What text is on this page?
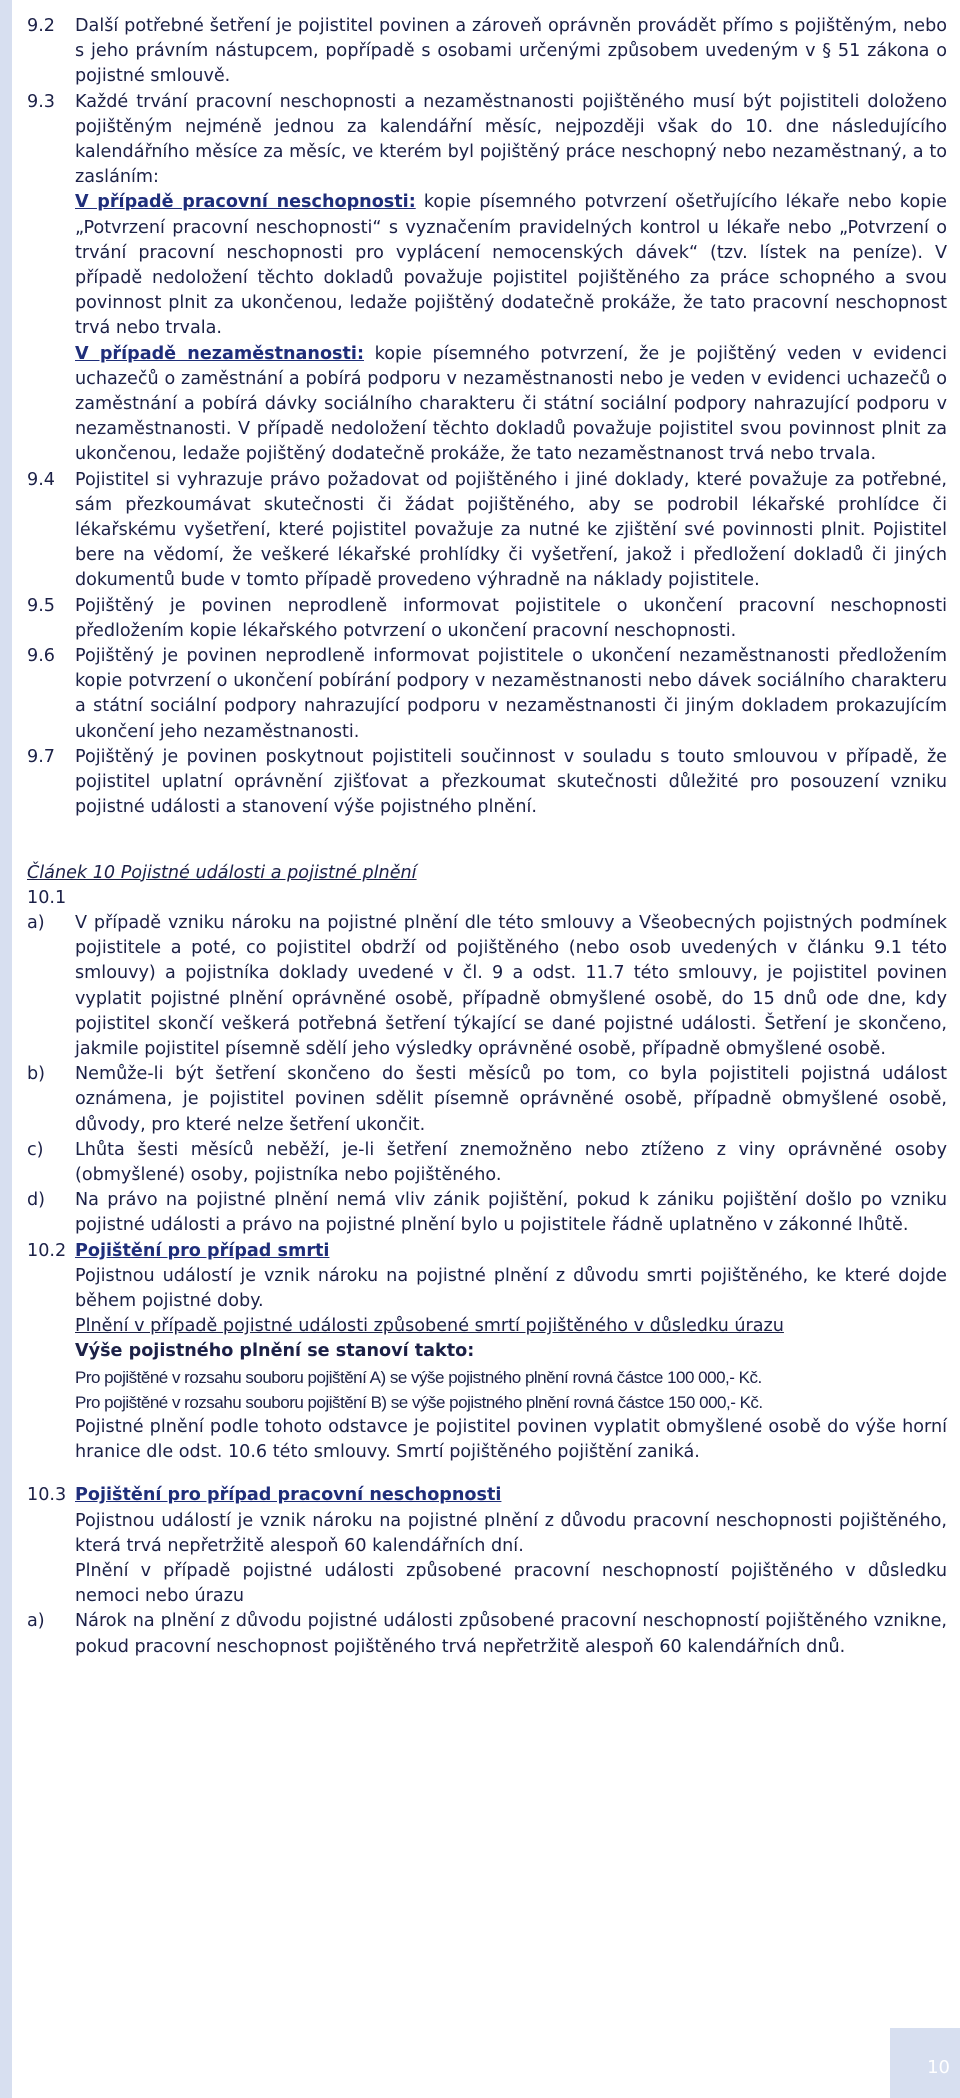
9.2	Další potřebné šetření je pojistitel povinen a zároveň oprávněn provádět přímo s pojištěným, nebo s jeho právním nástupcem, popřípadě s osobami určenými způsobem uvedeným v § 51 zákona o pojistné smlouvě.

9.3	Každé trvání pracovní neschopnosti a nezaměstnanosti pojištěného musí být pojistiteli doloženo pojištěným nejméně jednou za kalendářní měsíc, nejpozději však do 10. dne následujícího kalendářního měsíce za měsíc, ve kterém byl pojištěný práce neschopný nebo nezaměstnaný, a to zasláním:

V případě pracovní neschopnosti: kopie písemného potvrzení ošetřujícího lékaře nebo kopie „Potvrzení pracovní neschopnosti“ s vyznačením pravidelných kontrol u lékaře nebo „Potvrzení o trvání pracovní neschopnosti pro vyplácení nemocenských dávek“ (tzv. lístek na peníze). V případě nedoložení těchto dokladů považuje pojistitel pojištěného za práce schopného a svou povinnost plnit za ukončenou, ledaže pojištěný dodatečně prokáže, že tato pracovní neschopnost trvá nebo trvala.

V případě nezaměstnanosti: kopie písemného potvrzení, že je pojištěný veden v evidenci uchazečů o zaměstnání a pobírá podporu v nezaměstnanosti nebo je veden v evidenci uchazečů o zaměstnání a pobírá dávky sociálního charakteru či státní sociální podpory nahrazující podporu v nezaměstnanosti. V případě nedoložení těchto dokladů považuje pojistitel svou povinnost plnit za ukončenou, ledaže pojištěný dodatečně prokáže, že tato nezaměstnanost trvá nebo trvala.

9.4	Pojistitel si vyhrazuje právo požadovat od pojištěného i jiné doklady, které považuje za potřebné, sám přezkoumávat skutečnosti či žádat pojištěného, aby se podrobil lékařské prohlídce či lékařskému vyšetření, které pojistitel považuje za nutné ke zjištění své povinnosti plnit. Pojistitel bere na vědomí, že veškeré lékařské prohlídky či vyšetření, jakož i předložení dokladů či jiných dokumentů bude v tomto případě provedeno výhradně na náklady pojistitele.

9.5	Pojištěný je povinen neprodleně informovat pojistitele o ukončení pracovní neschopnosti předložením kopie lékařského potvrzení o ukončení pracovní neschopnosti.

9.6	Pojištěný je povinen neprodleně informovat pojistitele o ukončení nezaměstnanosti předložením kopie potvrzení o ukončení pobírání podpory v nezaměstnanosti nebo dávek sociálního charakteru a státní sociální podpory nahrazující podporu v nezaměstnanosti či jiným dokladem prokazujícím ukončení jeho nezaměstnanosti.

9.7	Pojištěný je povinen poskytnout pojistiteli součinnost v souladu s touto smlouvou v případě, že pojistitel uplatní oprávnění zjišťovat a přezkoumat skutečnosti důležité pro posouzení vzniku pojistné události a stanovení výše pojistného plnění.

Článek 10 Pojistné události a pojistné plnění
10.1
a)	V případě vzniku nároku na pojistné plnění dle této smlouvy a Všeobecných pojistných podmínek pojistitele a poté, co pojistitel obdrží od pojištěného (nebo osob uvedených v článku 9.1 této smlouvy) a pojistníka doklady uvedené v čl. 9 a odst. 11.7 této smlouvy, je pojistitel povinen vyplatit pojistné plnění oprávněné osobě, případně obmyšlené osobě, do 15 dnů ode dne, kdy pojistitel skončí veškerá potřebná šetření týkající se dané pojistné události. Šetření je skončeno, jakmile pojistitel písemně sdělí jeho výsledky oprávněné osobě, případně obmyšlené osobě.

b)	Nemůže-li být šetření skončeno do šesti měsíců po tom, co byla pojistiteli pojistná událost oznámena, je pojistitel povinen sdělit písemně oprávněné osobě, případně obmyšlené osobě, důvody, pro které nelze šetření ukončit.

c)	Lhůta šesti měsíců neběží, je-li šetření znemožněno nebo ztíženo z viny oprávněné osoby (obmyšlené) osoby, pojistníka nebo pojištěného.

d)	Na právo na pojistné plnění nemá vliv zánik pojištění, pokud k zániku pojištění došlo po vzniku pojistné události a právo na pojistné plnění bylo u pojistitele řádně uplatněno v zákonné lhůtě.

10.2 Pojištění pro případ smrti

Pojistnou událostí je vznik nároku na pojistné plnění z důvodu smrti pojištěného, ke které dojde během pojistné doby.

Plnění v případě pojistné události způsobené smrtí pojištěného v důsledku úrazu

Výše pojistného plnění se stanoví takto:

Pro pojištěné v rozsahu souboru pojištění A) se výše pojistného plnění rovná částce 100 000,- Kč.

Pro pojištěné v rozsahu souboru pojištění B) se výše pojistného plnění rovná částce 150 000,- Kč.

Pojistné plnění podle tohoto odstavce je pojistitel povinen vyplatit obmyšlené osobě do výše horní hranice dle odst. 10.6 této smlouvy. Smrtí pojištěného pojištění zaniká.

10.3 Pojištění pro případ pracovní neschopnosti

Pojistnou událostí je vznik nároku na pojistné plnění z důvodu pracovní neschopnosti pojištěného, která trvá nepřetržitě alespoň 60 kalendářních dní.

Plnění v případě pojistné události způsobené pracovní neschopností pojištěného v důsledku nemoci nebo úrazu

a)	Nárok na plnění z důvodu pojistné události způsobené pracovní neschopností pojištěného vznikne, pokud pracovní neschopnost pojištěného trvá nepřetržitě alespoň 60 kalendářních dnů.

10
